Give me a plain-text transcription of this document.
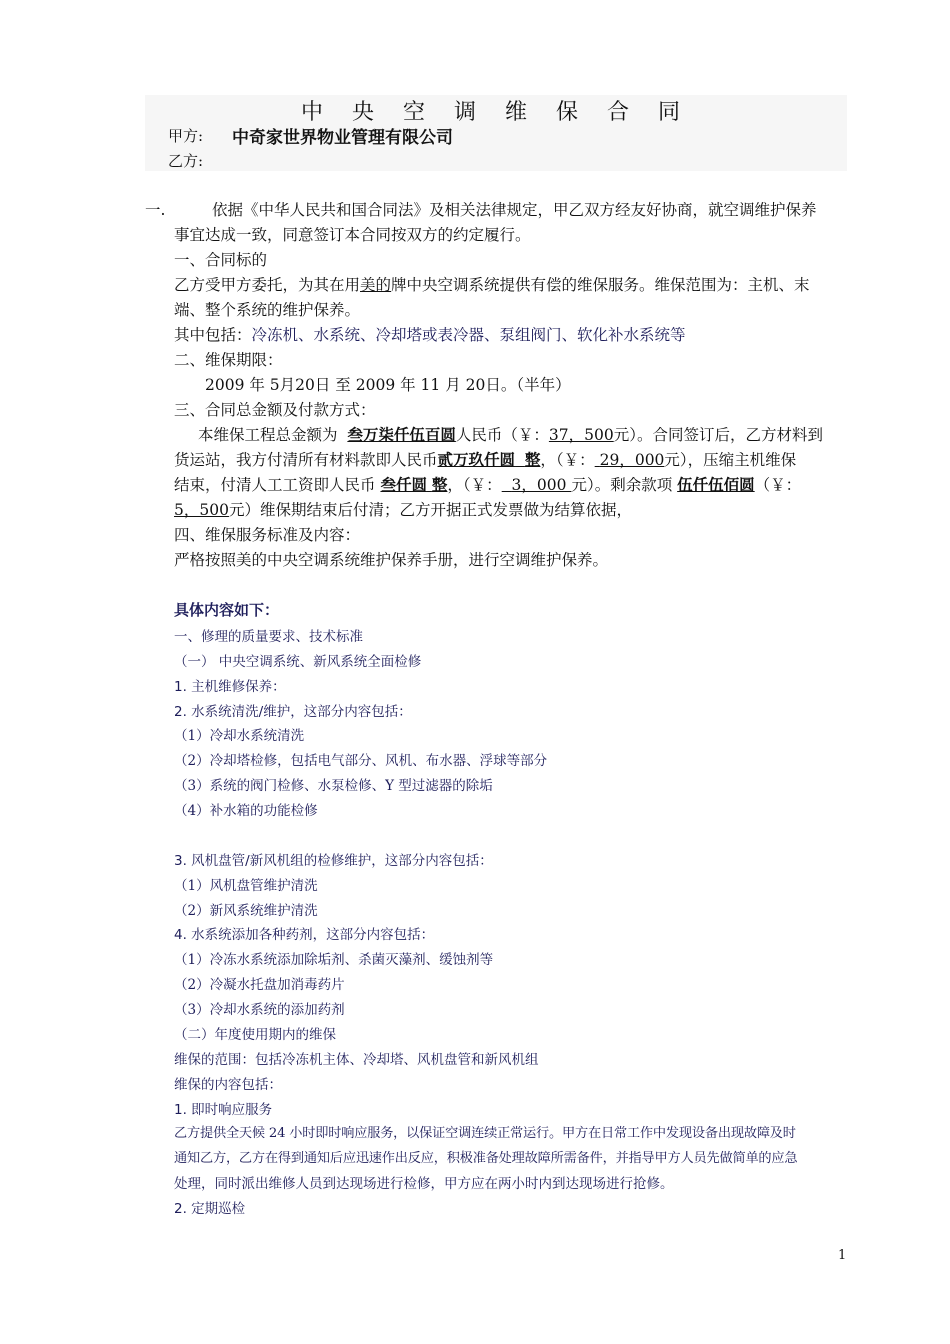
中 央 空 调 维 保 合 同
甲方: 中奇家世界物业管理有限公司
乙方:
一.	依据《中华人民共和国合同法》及相关法律规定，甲乙双方经友好协商，就空调维护保养
事宜达成一致，同意签订本合同按双方的约定履行。
一、合同标的
乙方受甲方委托，为其在用美的牌中央空调系统提供有偿的维保服务。维保范围为：主机、末
端、整个系统的维护保养。
其中包括：冷冻机、水系统、冷却塔或表冷器、泵组阀门、软化补水系统等
二、维保期限：
2009 年 5月20日 至 2009 年 11 月 20日。（半年）
三、合同总金额及付款方式：
本维保工程总金额为 叁万柒仟伍百圆人民币（￥：37，500元）。合同签订后，乙方材料到
货运站，我方付清所有材料款即人民币贰万玖仟圆 整，（￥： 29，000元），压缩主机维保
结束，付清人工工资即人民币 叁仟圆 整，（￥： 3，000 元）。剩余款项 伍仟伍佰圆（￥：
5，500元）维保期结束后付清；乙方开据正式发票做为结算依据，
四、维保服务标准及内容：
严格按照美的中央空调系统维护保养手册，进行空调维护保养。
具体内容如下：
一、修理的质量要求、技术标准
（一） 中央空调系统、新风系统全面检修
1. 主机维修保养：
2. 水系统清洗/维护，这部分内容包括：
（1）冷却水系统清洗
（2）冷却塔检修，包括电气部分、风机、布水器、浮球等部分
（3）系统的阀门检修、水泵检修、Y 型过滤器的除垢
（4）补水箱的功能检修
3. 风机盘管/新风机组的检修维护，这部分内容包括：
（1）风机盘管维护清洗
（2）新风系统维护清洗
4. 水系统添加各种药剂，这部分内容包括：
（1）冷冻水系统添加除垢剂、杀菌灭藻剂、缓蚀剂等
（2）冷凝水托盘加消毒药片
（3）冷却水系统的添加药剂
（二）年度使用期内的维保
维保的范围：包括冷冻机主体、冷却塔、风机盘管和新风机组
维保的内容包括：
1. 即时响应服务
乙方提供全天候 24 小时即时响应服务，以保证空调连续正常运行。甲方在日常工作中发现设备出现故障及时
通知乙方，乙方在得到通知后应迅速作出反应，积极准备处理故障所需备件，并指导甲方人员先做简单的应急
处理，同时派出维修人员到达现场进行检修，甲方应在两小时内到达现场进行抢修。
2. 定期巡检
1
